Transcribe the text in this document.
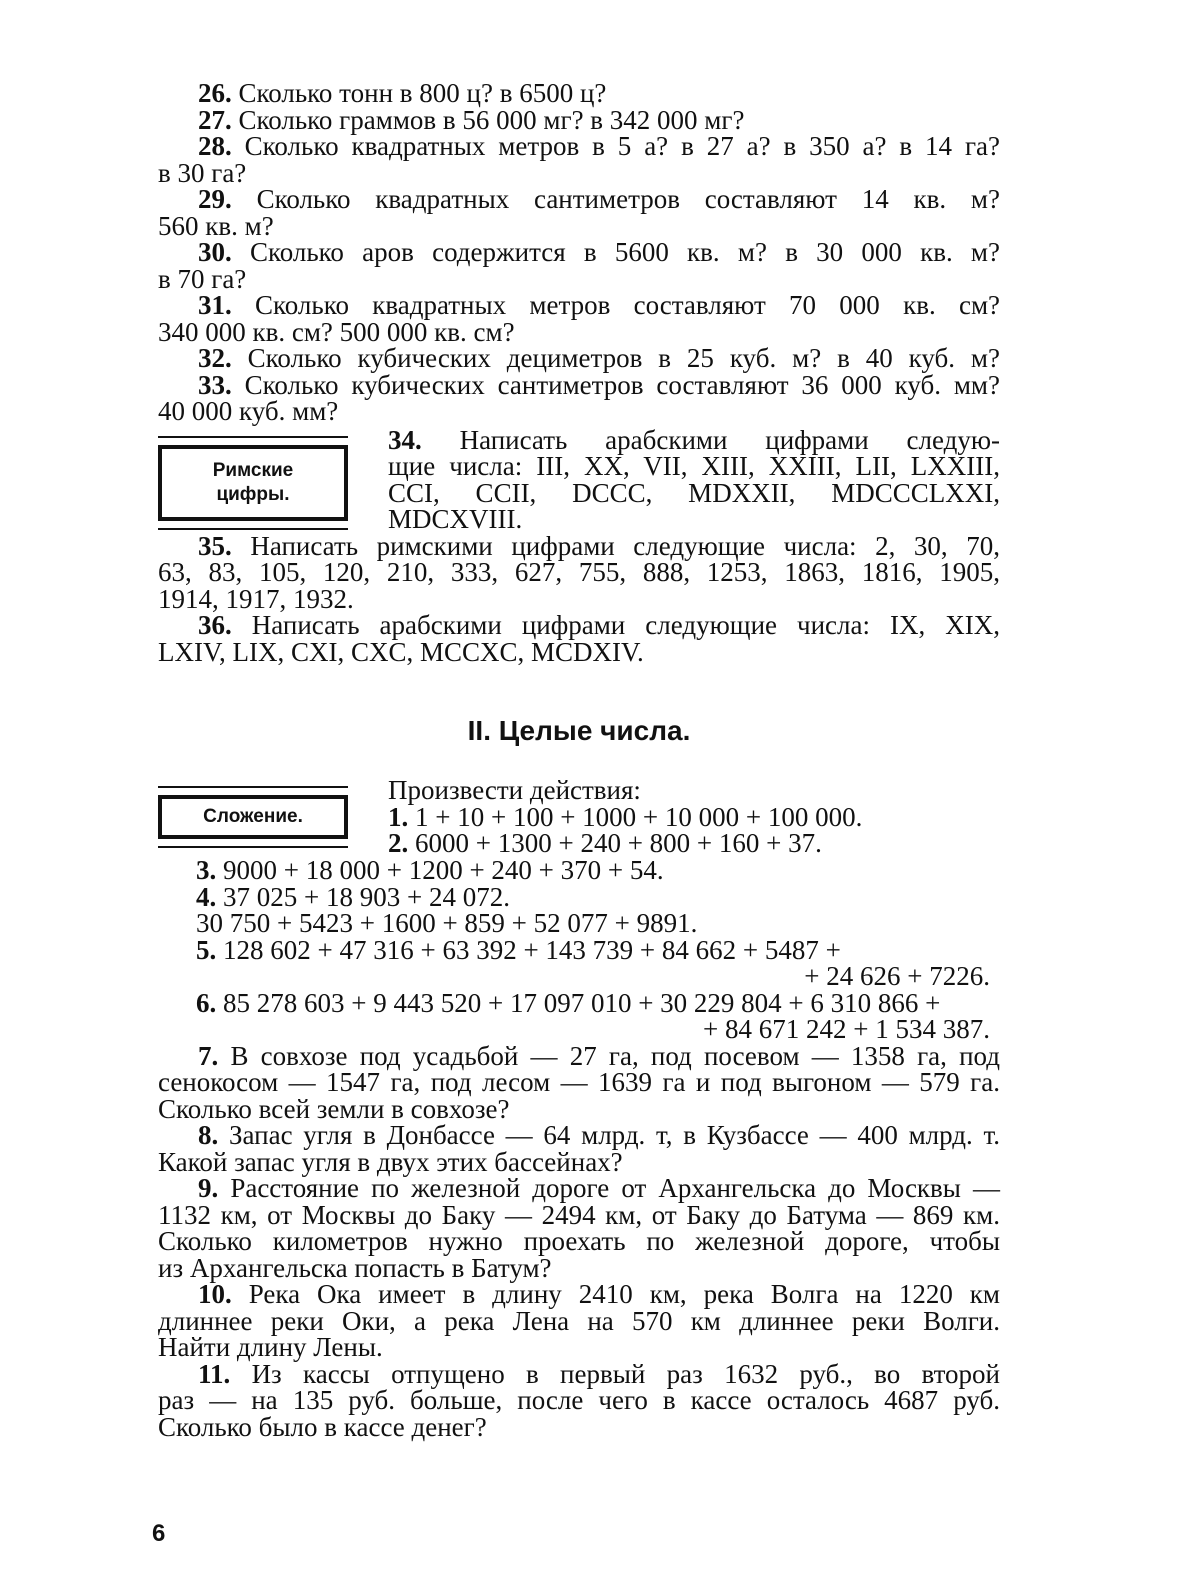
26. Сколько тонн в 800 ц? в 6500 ц?
27. Сколько граммов в 56 000 мг? в 342 000 мг?
28. Сколько квадратных метров в 5 а? в 27 а? в 350 а? в 14 га?
в 30 га?
29. Сколько квадратных сантиметров составляют 14 кв. м?
560 кв. м?
30. Сколько аров содержится в 5600 кв. м? в 30 000 кв. м?
в 70 га?
31. Сколько квадратных метров составляют 70 000 кв. см?
340 000 кв. см? 500 000 кв. см?
32. Сколько кубических дециметров в 25 куб. м? в 40 куб. м?
33. Сколько кубических сантиметров составляют 36 000 куб. мм?
40 000 куб. мм?
Римские
цифры.
34. Написать арабскими цифрами следую-
щие числа: III, XX, VII, XIII, XXIII, LII, LXXIII,
CCI, CCII, DCCC, MDXXII, MDCCCLXXI,
MDCXVIII.
35. Написать римскими цифрами следующие числа: 2, 30, 70,
63, 83, 105, 120, 210, 333, 627, 755, 888, 1253, 1863, 1816, 1905,
1914, 1917, 1932.
36. Написать арабскими цифрами следующие числа: IX, XIX,
LXIV, LIX, CXI, CXC, MCCXC, MCDXIV.
II. Целые числа.
Сложение.
Произвести действия:
1. 1 + 10 + 100 + 1000 + 10 000 + 100 000.
2. 6000 + 1300 + 240 + 800 + 160 + 37.
3. 9000 + 18 000 + 1200 + 240 + 370 + 54.
4. 37 025 + 18 903 + 24 072.
30 750 + 5423 + 1600 + 859 + 52 077 + 9891.
5. 128 602 + 47 316 + 63 392 + 143 739 + 84 662 + 5487 +
+ 24 626 + 7226.
6. 85 278 603 + 9 443 520 + 17 097 010 + 30 229 804 + 6 310 866 +
+ 84 671 242 + 1 534 387.
7. В совхозе под усадьбой — 27 га, под посевом — 1358 га, под
сенокосом — 1547 га, под лесом — 1639 га и под выгоном — 579 га.
Сколько всей земли в совхозе?
8. Запас угля в Донбассе — 64 млрд. т, в Кузбассе — 400 млрд. т.
Какой запас угля в двух этих бассейнах?
9. Расстояние по железной дороге от Архангельска до Москвы —
1132 км, от Москвы до Баку — 2494 км, от Баку до Батума — 869 км.
Сколько километров нужно проехать по железной дороге, чтобы
из Архангельска попасть в Батум?
10. Река Ока имеет в длину 2410 км, река Волга на 1220 км
длиннее реки Оки, а река Лена на 570 км длиннее реки Волги.
Найти длину Лены.
11. Из кассы отпущено в первый раз 1632 руб., во второй
раз — на 135 руб. больше, после чего в кассе осталось 4687 руб.
Сколько было в кассе денег?
6
